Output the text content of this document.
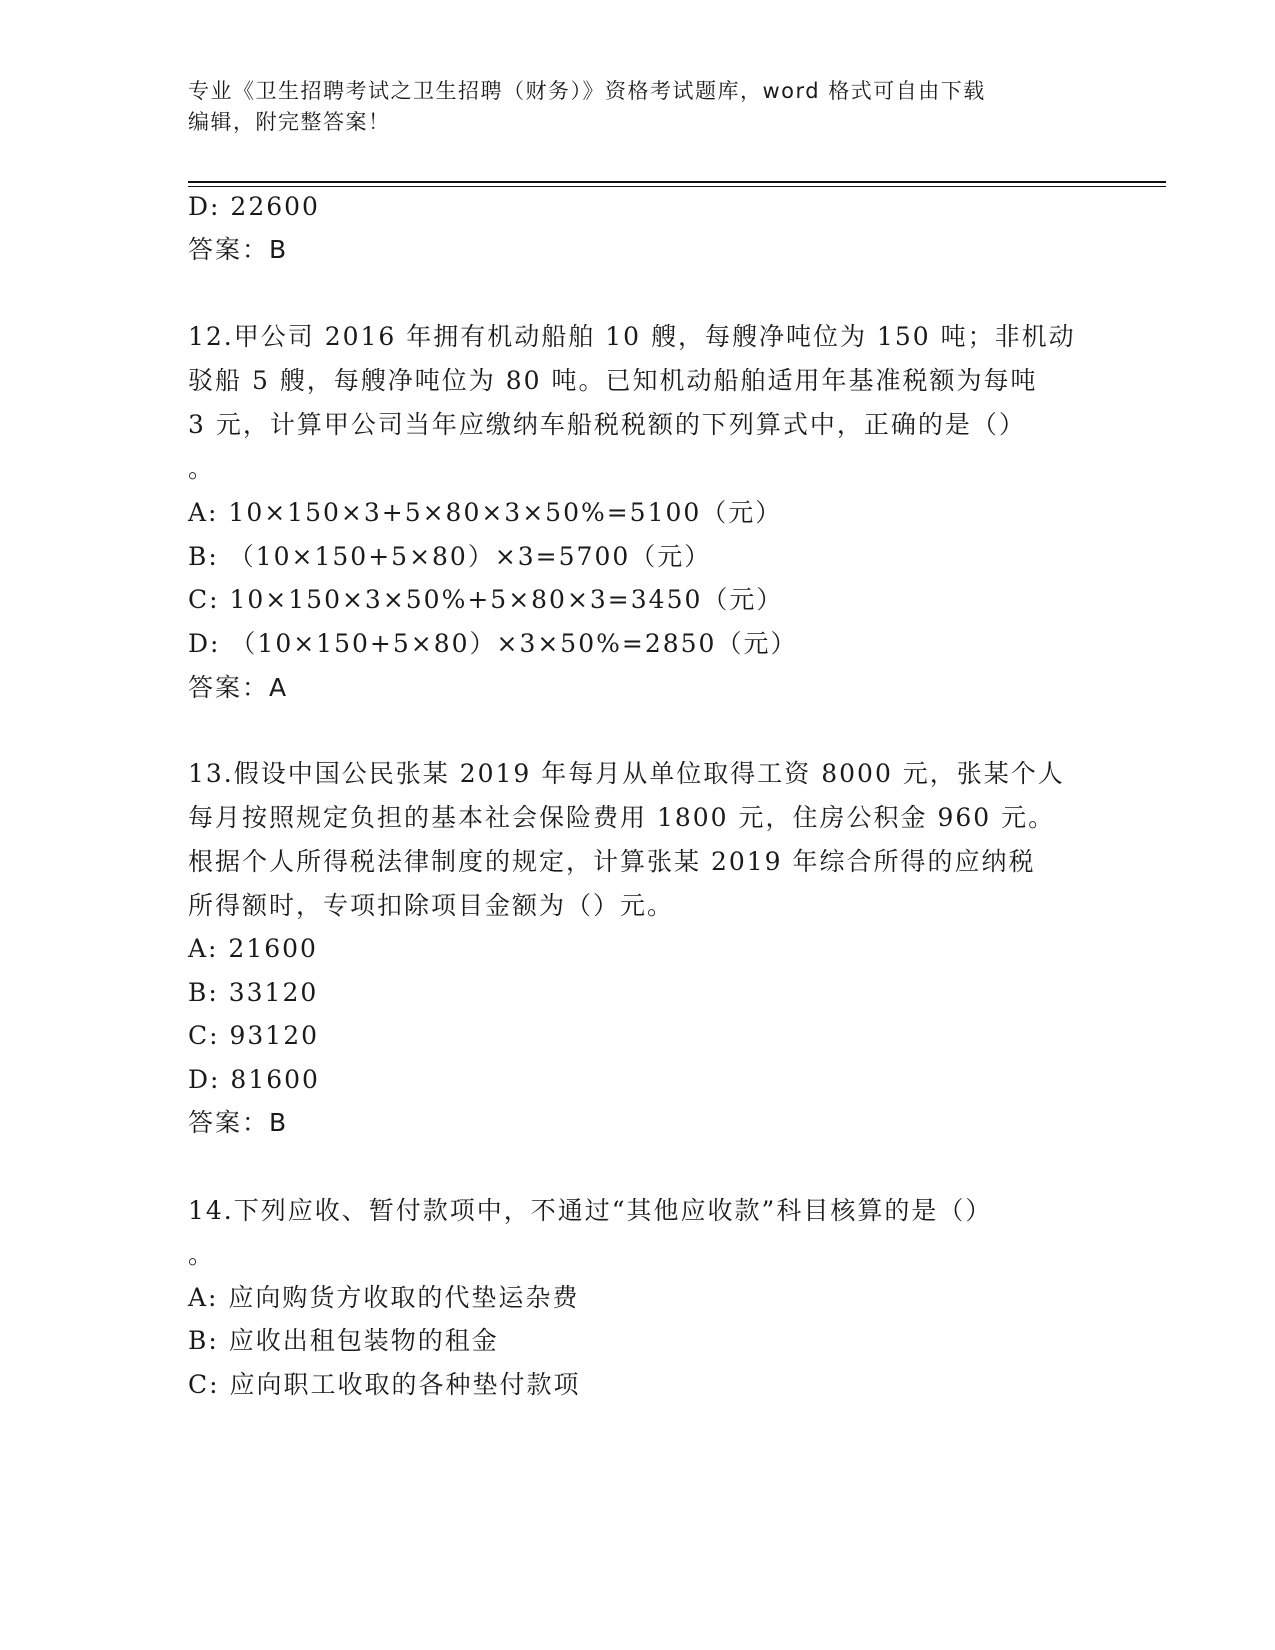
专业《卫生招聘考试之卫生招聘（财务）》资格考试题库，word 格式可自由下载
编辑，附完整答案！
D: 22600
答案：B
12.甲公司 2016 年拥有机动船舶 10 艘，每艘净吨位为 150 吨；非机动
驳船 5 艘，每艘净吨位为 80 吨。已知机动船舶适用年基准税额为每吨
3 元，计算甲公司当年应缴纳车船税税额的下列算式中，正确的是（）
。
A: 10×150×3+5×80×3×50%=5100（元）
B: （10×150+5×80）×3=5700（元）
C: 10×150×3×50%+5×80×3=3450（元）
D: （10×150+5×80）×3×50%=2850（元）
答案：A
13.假设中国公民张某 2019 年每月从单位取得工资 8000 元，张某个人
每月按照规定负担的基本社会保险费用 1800 元，住房公积金 960 元。
根据个人所得税法律制度的规定，计算张某 2019 年综合所得的应纳税
所得额时，专项扣除项目金额为（）元。
A: 21600
B: 33120
C: 93120
D: 81600
答案：B
14.下列应收、暂付款项中，不通过“其他应收款”科目核算的是（）
。
A: 应向购货方收取的代垫运杂费
B: 应收出租包装物的租金
C: 应向职工收取的各种垫付款项
